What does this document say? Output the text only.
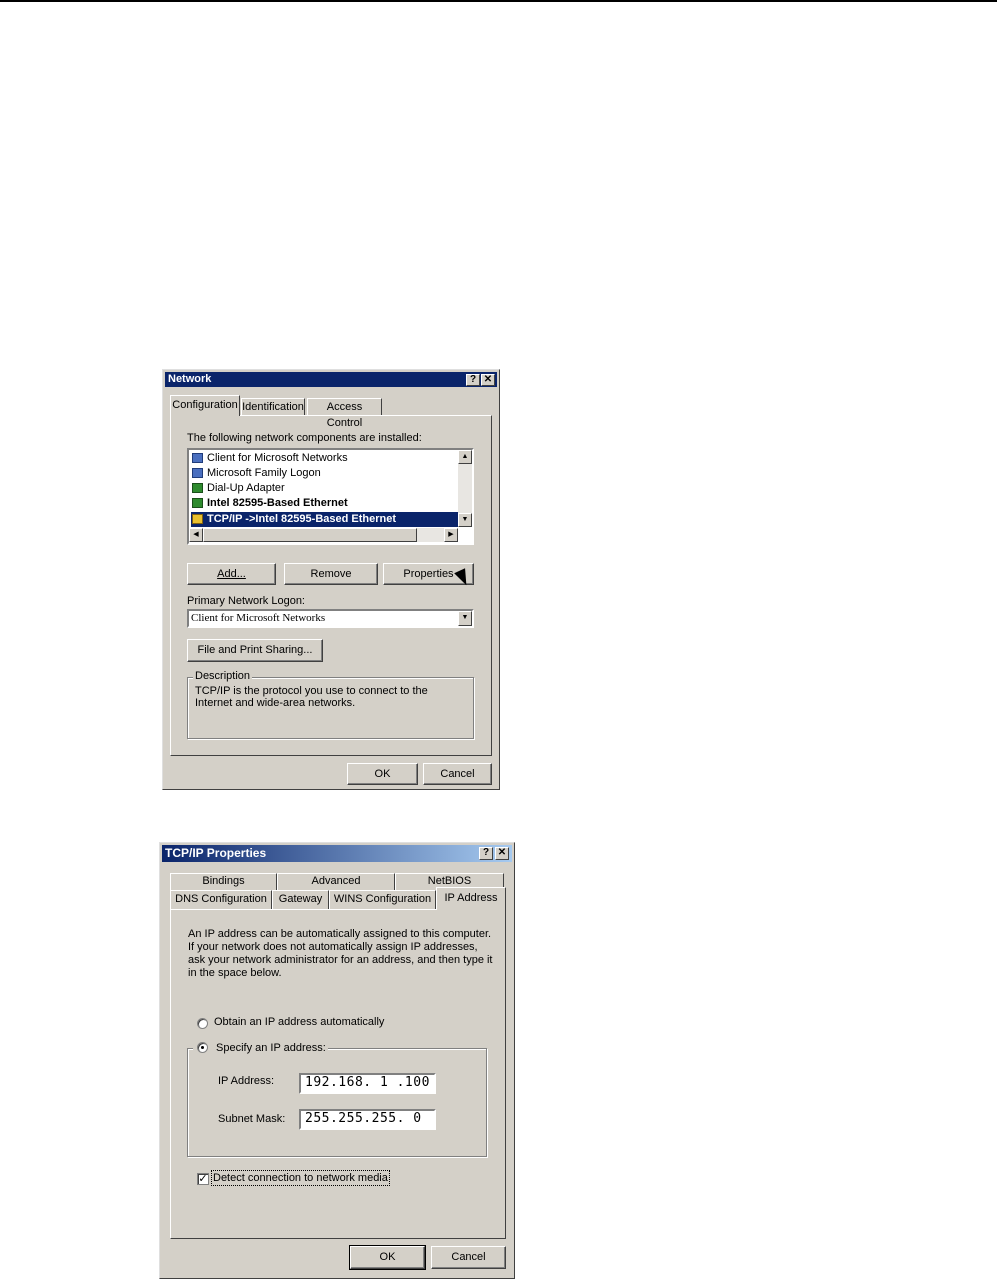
Network	? ✕
Configuration Identification	Access Control
The following network components are installed:
Client for Microsoft Networks
Microsoft Family Logon
Dial-Up Adapter
Intel 82595-Based Ethernet
TCP/IP ->Intel 82595-Based Ethernet
▲
▼
◀	▶
Add...	Remove	Properties
Primary Network Logon:
Client for Microsoft Networks	▼
File and Print Sharing...
Description
TCP/IP is the protocol you use to connect to the Internet and wide-area networks.
OK	Cancel
TCP/IP Properties	? ✕
Bindings	Advanced	NetBIOS
DNS Configuration	Gateway	WINS Configuration	IP Address
An IP address can be automatically assigned to this computer. If your network does not automatically assign IP addresses, ask your network administrator for an address, and then type it in the space below.
Obtain an IP address automatically
Specify an IP address:
IP Address:	192.168. 1 .100
Subnet Mask:	255.255.255. 0
✓ Detect connection to network media
OK	Cancel
